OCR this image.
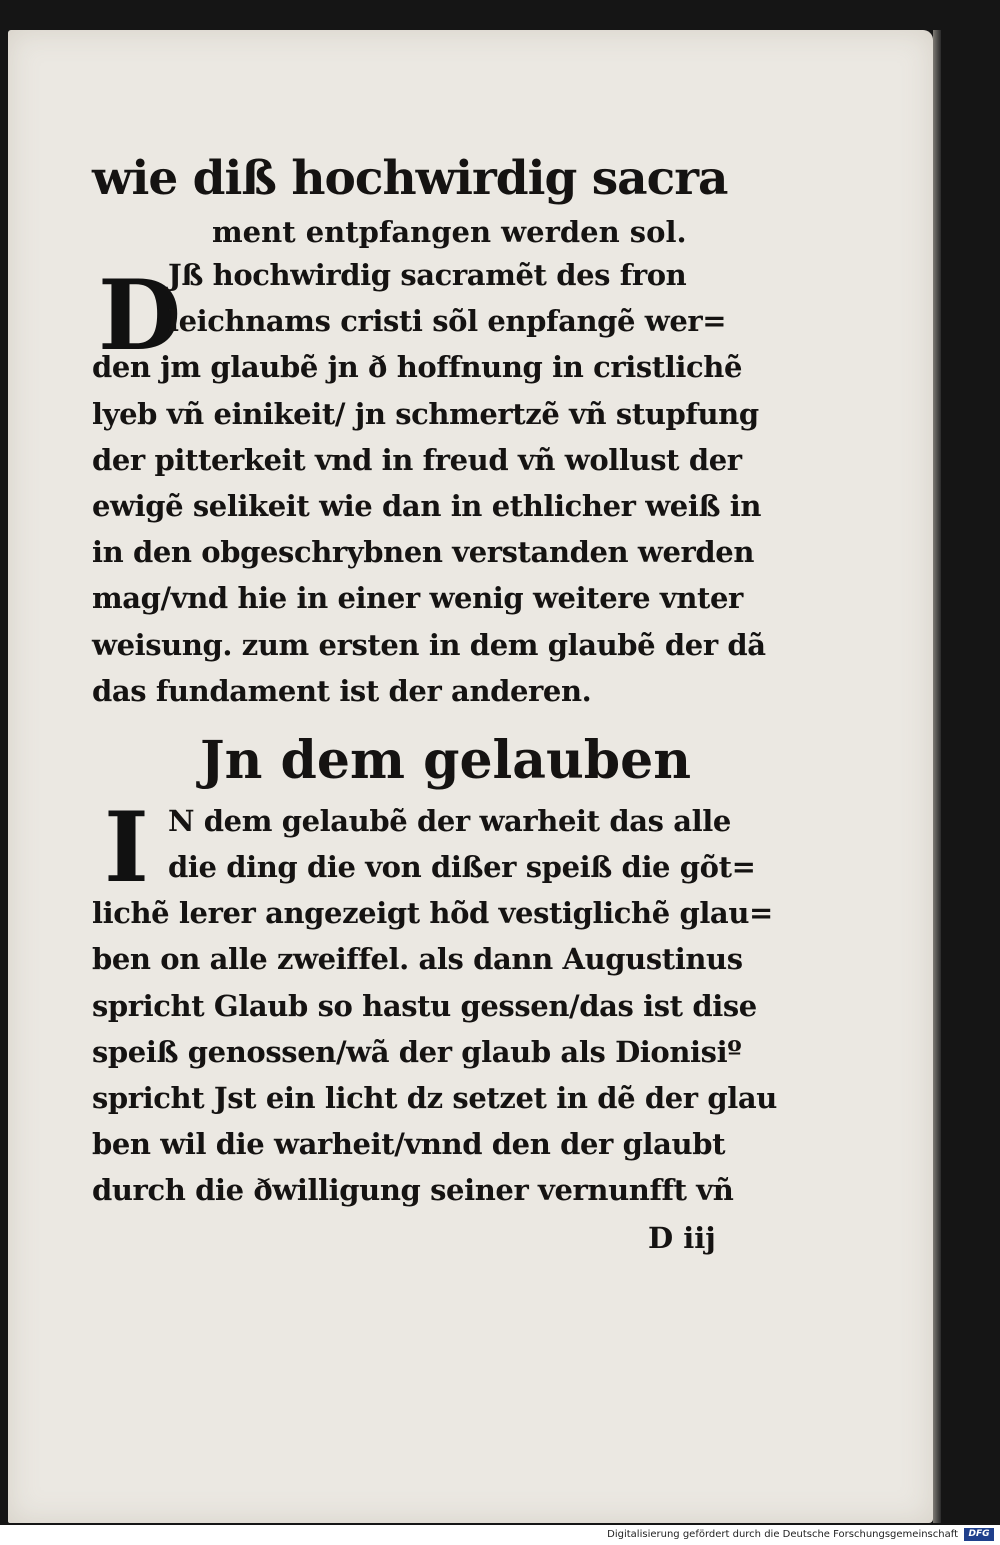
D
I
wie diß hochwirdig sacra
ment entpfangen werden sol.
Jß hochwirdig sacramẽt des fron
leichnams cristi sõl enpfangẽ wer=
den jm glaubẽ jn ð hoffnung in cristlichẽ
lyeb vñ einikeit/ jn schmertzẽ vñ stupfung
der pitterkeit vnd in freud vñ wollust der
ewigẽ selikeit wie dan in ethlicher weiß in
in den obgeschrybnen verstanden werden
mag/vnd hie in einer wenig weitere vnter
weisung. zum ersten in dem glaubẽ der dã
das fundament ist der anderen.
Jn dem gelauben
N dem gelaubẽ der warheit das alle
die ding die von dißer speiß die gõt=
lichẽ lerer angezeigt hõd vestiglichẽ glau=
ben on alle zweiffel. als dann Augustinus
spricht Glaub so hastu gessen/das ist dise
speiß genossen/wã der glaub als Dionisiº
spricht Jst ein licht dz setzet in dẽ der glau
ben wil die warheit/vnnd den der glaubt
durch die ðwilligung seiner vernunfft vñ
D iij
Digitalisierung gefördert durch die Deutsche Forschungsgemeinschaft	DFG
